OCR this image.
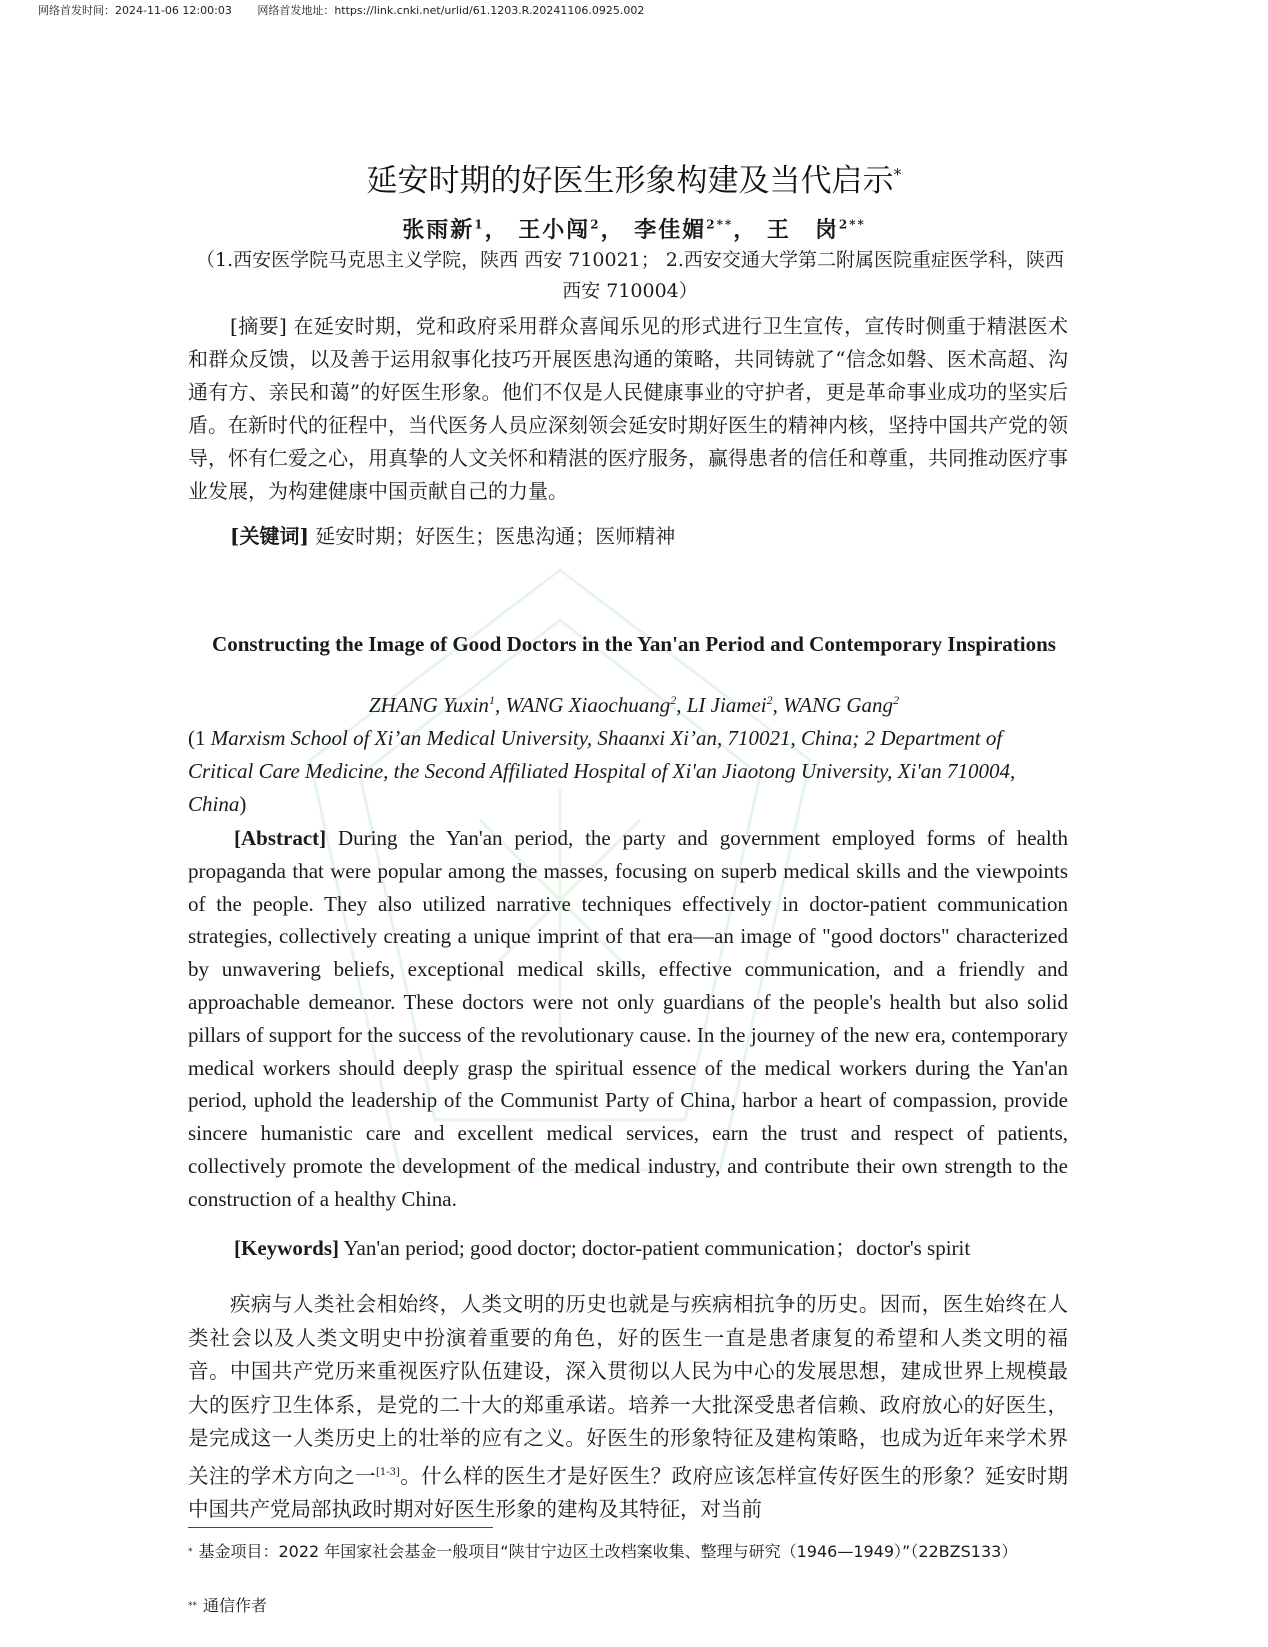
网络首发时间：2024-11-06 12:00:03 网络首发地址：https://link.cnki.net/urlid/61.1203.R.20241106.0925.002
延安时期的好医生形象构建及当代启示*
张雨新$^1$， 王小闯$^2$， 李佳媚$^{2**}$， 王　岗$^{2**}$
（1.西安医学院马克思主义学院，陕西 西安 710021； 2.西安交通大学第二附属医院重症医学科，陕西 西安 710004）
[摘要] 在延安时期，党和政府采用群众喜闻乐见的形式进行卫生宣传，宣传时侧重于精湛医术和群众反馈，以及善于运用叙事化技巧开展医患沟通的策略，共同铸就了“信念如磐、医术高超、沟通有方、亲民和蔼”的好医生形象。他们不仅是人民健康事业的守护者，更是革命事业成功的坚实后盾。在新时代的征程中，当代医务人员应深刻领会延安时期好医生的精神内核，坚持中国共产党的领导，怀有仁爱之心，用真挚的人文关怀和精湛的医疗服务，赢得患者的信任和尊重，共同推动医疗事业发展，为构建健康中国贡献自己的力量。
[关键词] 延安时期；好医生；医患沟通；医师精神
Constructing the Image of Good Doctors in the Yan'an Period and Contemporary Inspirations
ZHANG Yuxin$^1$, WANG Xiaochuang$^2$, LI Jiamei$^2$, WANG Gang$^2$
(1 Marxism School of Xi’an Medical University, Shaanxi Xi’an, 710021, China; 2 Department of Critical Care Medicine, the Second Affiliated Hospital of Xi'an Jiaotong University, Xi'an 710004, China)
[Abstract] During the Yan'an period, the party and government employed forms of health propaganda that were popular among the masses, focusing on superb medical skills and the viewpoints of the people. They also utilized narrative techniques effectively in doctor-patient communication strategies, collectively creating a unique imprint of that era—an image of "good doctors" characterized by unwavering beliefs, exceptional medical skills, effective communication, and a friendly and approachable demeanor. These doctors were not only guardians of the people's health but also solid pillars of support for the success of the revolutionary cause. In the journey of the new era, contemporary medical workers should deeply grasp the spiritual essence of the medical workers during the Yan'an period, uphold the leadership of the Communist Party of China, harbor a heart of compassion, provide sincere humanistic care and excellent medical services, earn the trust and respect of patients, collectively promote the development of the medical industry, and contribute their own strength to the construction of a healthy China.
[Keywords] Yan'an period; good doctor; doctor-patient communication；doctor's spirit
疾病与人类社会相始终，人类文明的历史也就是与疾病相抗争的历史。因而，医生始终在人类社会以及人类文明史中扮演着重要的角色，好的医生一直是患者康复的希望和人类文明的福音。中国共产党历来重视医疗队伍建设，深入贯彻以人民为中心的发展思想，建成世界上规模最大的医疗卫生体系，是党的二十大的郑重承诺。培养一大批深受患者信赖、政府放心的好医生，是完成这一人类历史上的壮举的应有之义。好医生的形象特征及建构策略，也成为近年来学术界关注的学术方向之一[1-3]。什么样的医生才是好医生？政府应该怎样宣传好医生的形象？延安时期中国共产党局部执政时期对好医生形象的建构及其特征，对当前
* 基金项目：2022 年国家社会基金一般项目“陕甘宁边区土改档案收集、整理与研究（1946—1949）”（22BZS133）
** 通信作者
